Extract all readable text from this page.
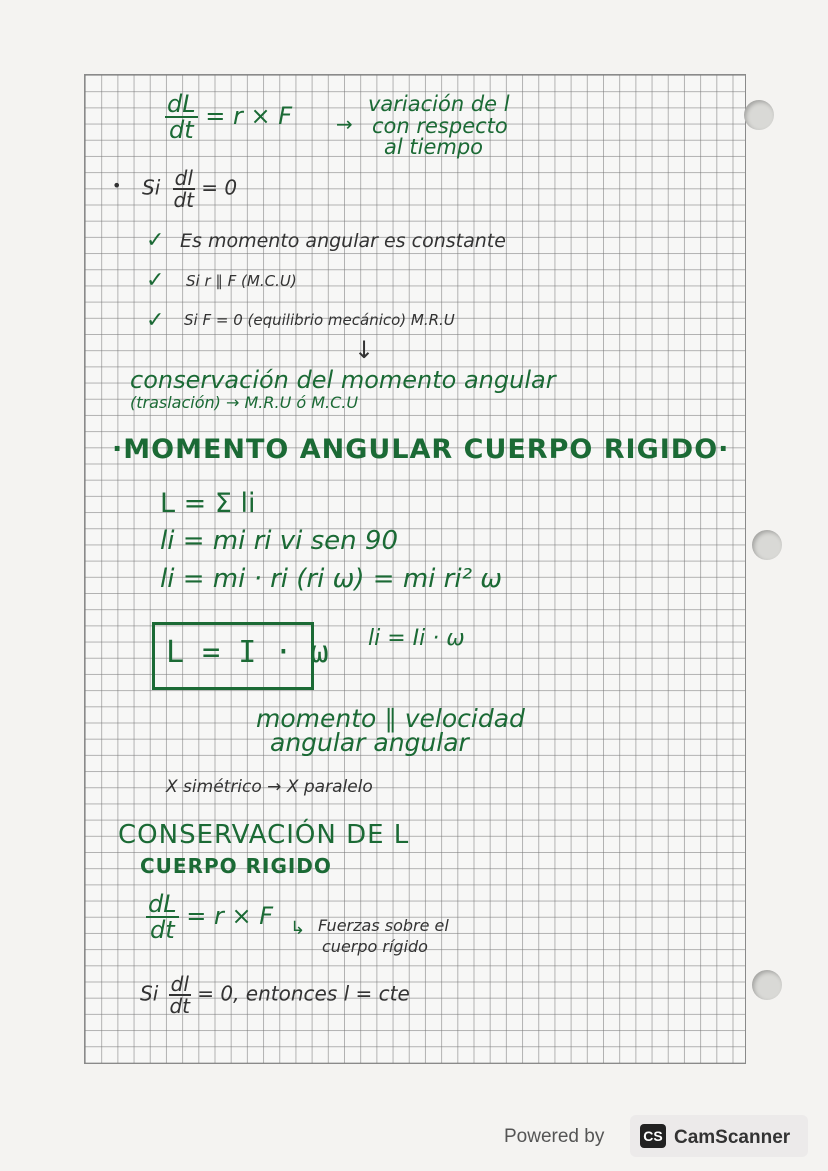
$\frac{dL}{dt} = r \times F$ →
variación de l
con respecto
al tiempo
• Si $\frac{dl}{dt} = 0$
✓ Es momento angular es constante
✓ Si r ∥ F (M.C.U)
✓ Si F = 0 (equilibrio mecánico) M.R.U
↓
conservación del momento angular
(traslación) → M.R.U ó M.C.U
·MOMENTO ANGULAR CUERPO RIGIDO·
L = Σ li
li = mi ri vi sen 90
li = mi · ri (ri ω) = mi ri² ω
L = I · ω li = Ii · ω
momento ∥ velocidad
angular angular
X simétrico → X paralelo
CONSERVACIÓN DE L
CUERPO RIGIDO
$\frac{dL}{dt} = r \times F$ ↳ Fuerzas sobre el
cuerpo rígido
Si $\frac{dl}{dt} = 0$, entonces l = cte
Powered by	CS CamScanner
